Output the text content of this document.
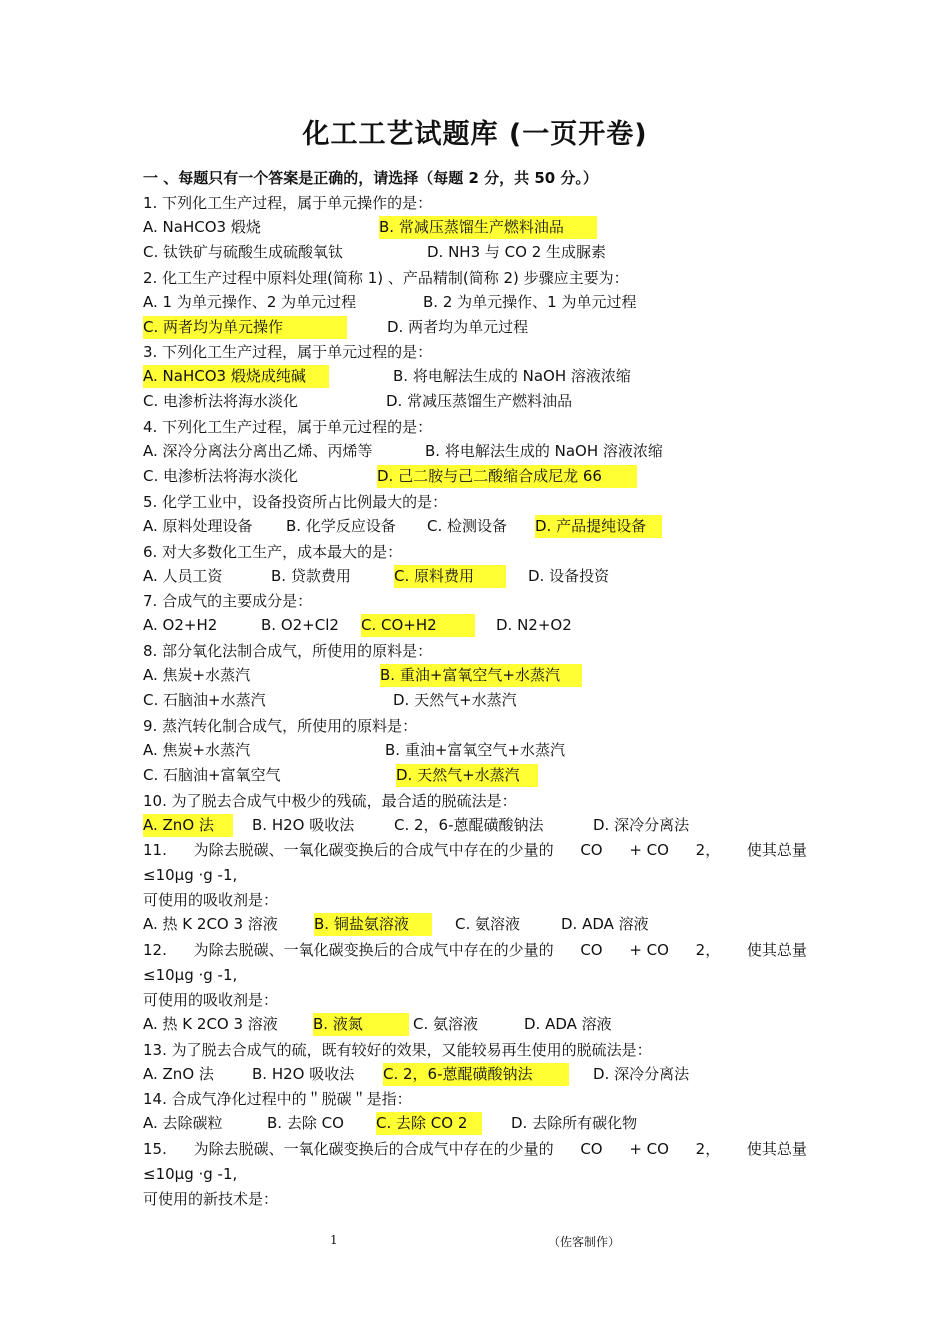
化工工艺试题库 (一页开卷)
一 、每题只有一个答案是正确的，请选择（每题 2 分，共 50 分。）
1. 下列化工生产过程，属于单元操作的是：
A. NaHCO3 煅烧	B. 常减压蒸馏生产燃料油品
C. 钛铁矿与硫酸生成硫酸氧钛	D. NH3 与 CO 2 生成脲素
2. 化工生产过程中原料处理(简称 1) 、产品精制(简称 2) 步骤应主要为：
A. 1 为单元操作、2 为单元过程	B. 2 为单元操作、1 为单元过程
C. 两者均为单元操作	D. 两者均为单元过程
3. 下列化工生产过程，属于单元过程的是：
A. NaHCO3 煅烧成纯碱	B. 将电解法生成的 NaOH 溶液浓缩
C. 电渗析法将海水淡化	D. 常减压蒸馏生产燃料油品
4. 下列化工生产过程，属于单元过程的是：
A. 深冷分离法分离出乙烯、丙烯等	B. 将电解法生成的 NaOH 溶液浓缩
C. 电渗析法将海水淡化	D. 己二胺与己二酸缩合成尼龙 66
5. 化学工业中，设备投资所占比例最大的是：
A. 原料处理设备 B. 化学反应设备 C. 检测设备 D. 产品提纯设备
6. 对大多数化工生产，成本最大的是：
A. 人员工资	B. 贷款费用	C. 原料费用	D. 设备投资
7. 合成气的主要成分是：
A. O2+H2	B. O2+Cl2 C. CO+H2	D. N2+O2
8. 部分氧化法制合成气，所使用的原料是：
A. 焦炭+水蒸汽	B. 重油+富氧空气+水蒸汽
C. 石脑油+水蒸汽	D. 天然气+水蒸汽
9. 蒸汽转化制合成气，所使用的原料是：
A. 焦炭+水蒸汽	B. 重油+富氧空气+水蒸汽
C. 石脑油+富氧空气	D. 天然气+水蒸汽
10. 为了脱去合成气中极少的残硫，最合适的脱硫法是：
A. ZnO 法	B. H2O 吸收法	C. 2，6-蒽醌磺酸钠法	D. 深冷分离法
11. 为除去脱碳、一氧化碳变换后的合成气中存在的少量的 CO + CO 2， 使其总量
≤10μg ·g -1,
可使用的吸收剂是：
A. 热 K 2CO 3 溶液 B. 铜盐氨溶液	C. 氨溶液	D. ADA 溶液
12. 为除去脱碳、一氧化碳变换后的合成气中存在的少量的 CO + CO 2， 使其总量
≤10μg ·g -1,
可使用的吸收剂是：
A. 热 K 2CO 3 溶液 B. 液氮	C. 氨溶液	D. ADA 溶液
13. 为了脱去合成气的硫，既有较好的效果，又能较易再生使用的脱硫法是：
A. ZnO 法	B. H2O 吸收法 C. 2，6-蒽醌磺酸钠法	D. 深冷分离法
14. 合成气净化过程中的＂脱碳＂是指：
A. 去除碳粒	B. 去除 CO C. 去除 CO 2	D. 去除所有碳化物
15. 为除去脱碳、一氧化碳变换后的合成气中存在的少量的 CO + CO 2， 使其总量
≤10μg ·g -1,
可使用的新技术是：
1	（佐客制作）
